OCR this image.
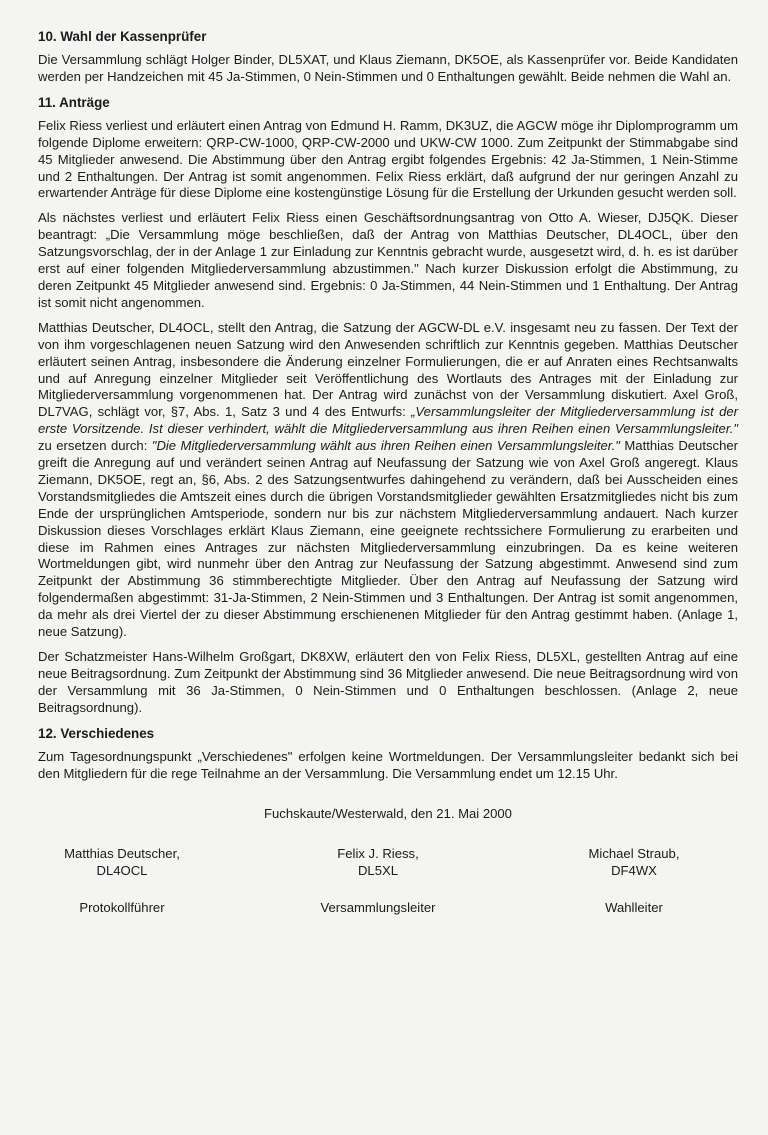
10. Wahl der Kassenprüfer

Die Versammlung schlägt Holger Binder, DL5XAT, und Klaus Ziemann, DK5OE, als Kassenprüfer vor. Beide Kandidaten werden per Handzeichen mit 45 Ja-Stimmen, 0 Nein-Stimmen und 0 Enthaltungen gewählt. Beide nehmen die Wahl an.

11. Anträge

Felix Riess verliest und erläutert einen Antrag von Edmund H. Ramm, DK3UZ, die AGCW möge ihr Diplomprogramm um folgende Diplome erweitern: QRP-CW-1000, QRP-CW-2000 und UKW-CW 1000. Zum Zeitpunkt der Stimmabgabe sind 45 Mitglieder anwesend. Die Abstimmung über den Antrag ergibt folgendes Ergebnis: 42 Ja-Stimmen, 1 Nein-Stimme und 2 Enthaltungen. Der Antrag ist somit angenommen. Felix Riess erklärt, daß aufgrund der nur geringen Anzahl zu erwartender Anträge für diese Diplome eine kostengünstige Lösung für die Erstellung der Urkunden gesucht werden soll.

Als nächstes verliest und erläutert Felix Riess einen Geschäftsordnungsantrag von Otto A. Wieser, DJ5QK. Dieser beantragt: „Die Versammlung möge beschließen, daß der Antrag von Matthias Deutscher, DL4OCL, über den Satzungsvorschlag, der in der Anlage 1 zur Einladung zur Kenntnis gebracht wurde, ausgesetzt wird, d. h. es ist darüber erst auf einer folgenden Mitgliederversammlung abzustimmen." Nach kurzer Diskussion erfolgt die Abstimmung, zu deren Zeitpunkt 45 Mitglieder anwesend sind. Ergebnis: 0 Ja-Stimmen, 44 Nein-Stimmen und 1 Enthaltung. Der Antrag ist somit nicht angenommen.

Matthias Deutscher, DL4OCL, stellt den Antrag, die Satzung der AGCW-DL e.V. insgesamt neu zu fassen. Der Text der von ihm vorgeschlagenen neuen Satzung wird den Anwesenden schriftlich zur Kenntnis gegeben. Matthias Deutscher erläutert seinen Antrag, insbesondere die Änderung einzelner Formulierungen, die er auf Anraten eines Rechtsanwalts und auf Anregung einzelner Mitglieder seit Veröffentlichung des Wortlauts des Antrages mit der Einladung zur Mitgliederversammlung vorgenommenen hat. Der Antrag wird zunächst von der Versammlung diskutiert. Axel Groß, DL7VAG, schlägt vor, §7, Abs. 1, Satz 3 und 4 des Entwurfs: „Versammlungsleiter der Mitgliederversammlung ist der erste Vorsitzende. Ist dieser verhindert, wählt die Mitgliederversammlung aus ihren Reihen einen Versammlungsleiter." zu ersetzen durch: "Die Mitgliederversammlung wählt aus ihren Reihen einen Versammlungsleiter." Matthias Deutscher greift die Anregung auf und verändert seinen Antrag auf Neufassung der Satzung wie von Axel Groß angeregt. Klaus Ziemann, DK5OE, regt an, §6, Abs. 2 des Satzungsentwurfes dahingehend zu verändern, daß bei Ausscheiden eines Vorstandsmitgliedes die Amtszeit eines durch die übrigen Vorstandsmitglieder gewählten Ersatzmitgliedes nicht bis zum Ende der ursprünglichen Amtsperiode, sondern nur bis zur nächstem Mitgliederversammlung andauert. Nach kurzer Diskussion dieses Vorschlages erklärt Klaus Ziemann, eine geeignete rechtssichere Formulierung zu erarbeiten und diese im Rahmen eines Antrages zur nächsten Mitgliederversammlung einzubringen. Da es keine weiteren Wortmeldungen gibt, wird nunmehr über den Antrag zur Neufassung der Satzung abgestimmt. Anwesend sind zum Zeitpunkt der Abstimmung 36 stimmberechtigte Mitglieder. Über den Antrag auf Neufassung der Satzung wird folgendermaßen abgestimmt: 31-Ja-Stimmen, 2 Nein-Stimmen und 3 Enthaltungen. Der Antrag ist somit angenommen, da mehr als drei Viertel der zu dieser Abstimmung erschienenen Mitglieder für den Antrag gestimmt haben. (Anlage 1, neue Satzung).

Der Schatzmeister Hans-Wilhelm Großgart, DK8XW, erläutert den von Felix Riess, DL5XL, gestellten Antrag auf eine neue Beitragsordnung. Zum Zeitpunkt der Abstimmung sind 36 Mitglieder anwesend. Die neue Beitragsordnung wird von der Versammlung mit 36 Ja-Stimmen, 0 Nein-Stimmen und 0 Enthaltungen beschlossen. (Anlage 2, neue Beitragsordnung).

12. Verschiedenes

Zum Tagesordnungspunkt „Verschiedenes" erfolgen keine Wortmeldungen. Der Versammlungsleiter bedankt sich bei den Mitgliedern für die rege Teilnahme an der Versammlung. Die Versammlung endet um 12.15 Uhr.

Fuchskaute/Westerwald, den 21. Mai 2000
Matthias Deutscher,
DL4OCL
Protokollführer
Felix J. Riess,
DL5XL
Versammlungsleiter
Michael Straub,
DF4WX
Wahlleiter
